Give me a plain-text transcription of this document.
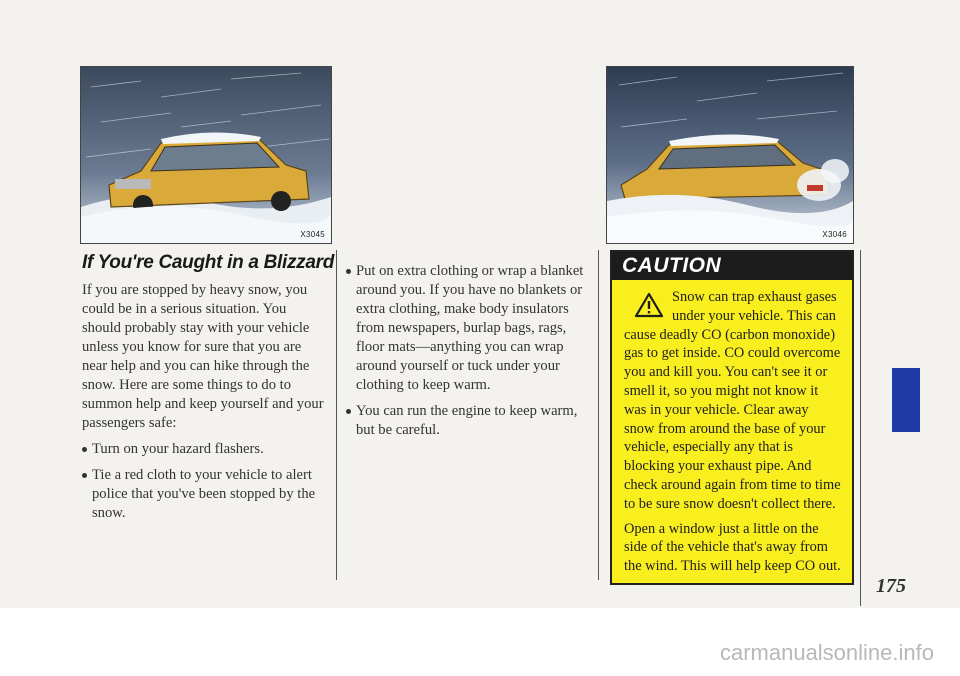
X3045	X3046
If You're Caught in a Blizzard

If you are stopped by heavy snow, you could be in a serious situation. You should probably stay with your vehicle unless you know for sure that you are near help and you can hike through the snow. Here are some things to do to summon help and keep yourself and your passengers safe:

Turn on your hazard flashers.
Tie a red cloth to your vehicle to alert police that you've been stopped by the snow.
Put on extra clothing or wrap a blanket around you. If you have no blankets or extra clothing, make body insulators from newspapers, burlap bags, rags, floor mats—anything you can wrap around yourself or tuck under your clothing to keep warm.
You can run the engine to keep warm, but be careful.
CAUTION

Snow can trap exhaust gases under your vehicle. This can cause deadly CO (carbon monoxide) gas to get inside. CO could overcome you and kill you. You can't see it or smell it, so you might not know it was in your vehicle. Clear away snow from around the base of your vehicle, especially any that is blocking your exhaust pipe. And check around again from time to time to be sure snow doesn't collect there.

Open a window just a little on the side of the vehicle that's away from the wind. This will help keep CO out.

175
carmanualsonline.info
